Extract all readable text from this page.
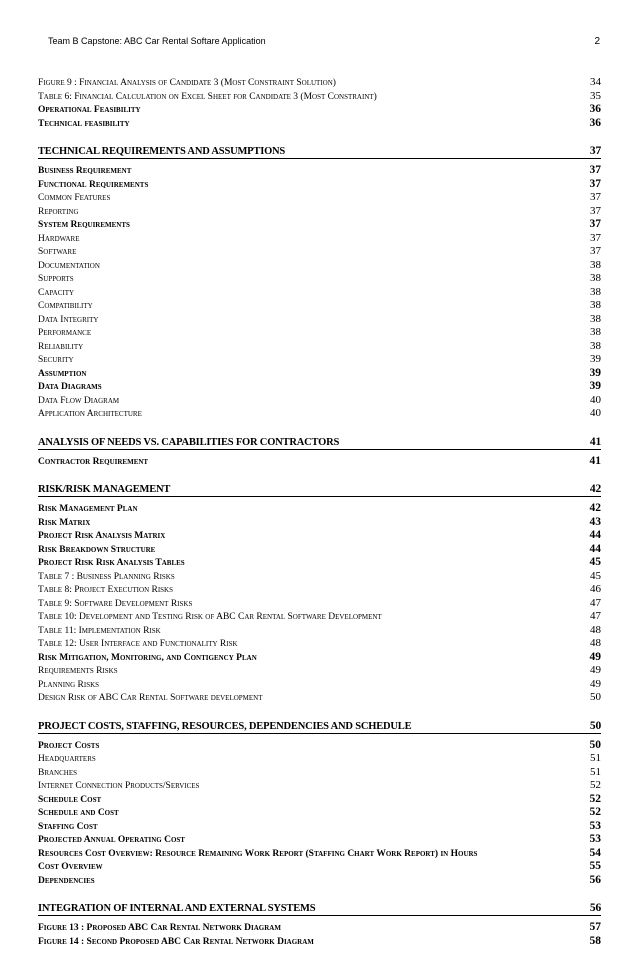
Team B Capstone: ABC Car Rental Softare Application	2
Figure 9 : Financial Analysis of Candidate 3 (Most Constraint Solution)	34
Table 6: Financial Calculation on Excel Sheet for Candidate 3 (Most Constraint)	35
Operational Feasibility	36
Technical feasibility	36
TECHNICAL REQUIREMENTS AND ASSUMPTIONS	37
Business Requirement	37
Functional Requirements	37
Common Features	37
Reporting	37
System Requirements	37
Hardware	37
Software	37
Documentation	38
Supports	38
Capacity	38
Compatibility	38
Data Integrity	38
Performance	38
Reliability	38
Security	39
Assumption	39
Data Diagrams	39
Data Flow Diagram	40
Application Architecture	40
ANALYSIS OF NEEDS VS. CAPABILITIES FOR CONTRACTORS	41
Contractor Requirement	41
RISK/RISK MANAGEMENT	42
Risk Management Plan	42
Risk Matrix	43
Project Risk Analysis Matrix	44
Risk Breakdown Structure	44
Project Risk Risk Analysis Tables	45
Table 7 : Business Planning Risks	45
Table 8: Project Execution Risks	46
Table 9: Software Development Risks	47
Table 10: Development and Testing Risk of ABC Car Rental Software Development	47
Table 11: Implementation Risk	48
Table 12: User Interface and Functionality Risk	48
Risk Mitigation, Monitoring, and Contigency Plan	49
Requirements Risks	49
Planning Risks	49
Design Risk of ABC Car Rental Software development	50
PROJECT COSTS, STAFFING, RESOURCES, DEPENDENCIES AND SCHEDULE	50
Project Costs	50
Headquarters	51
Branches	51
Internet Connection Products/Services	52
Schedule Cost	52
Schedule and Cost	52
Staffing Cost	53
Projected Annual Operating Cost	53
Resources Cost Overview: Resource Remaining Work Report (Staffing Chart Work Report) in Hours	54
Cost Overview	55
Dependencies	56
INTEGRATION OF INTERNAL AND EXTERNAL SYSTEMS	56
Figure 13 : Proposed ABC Car Rental Network Diagram	57
Figure 14 : Second Proposed ABC Car Rental Network Diagram	58
